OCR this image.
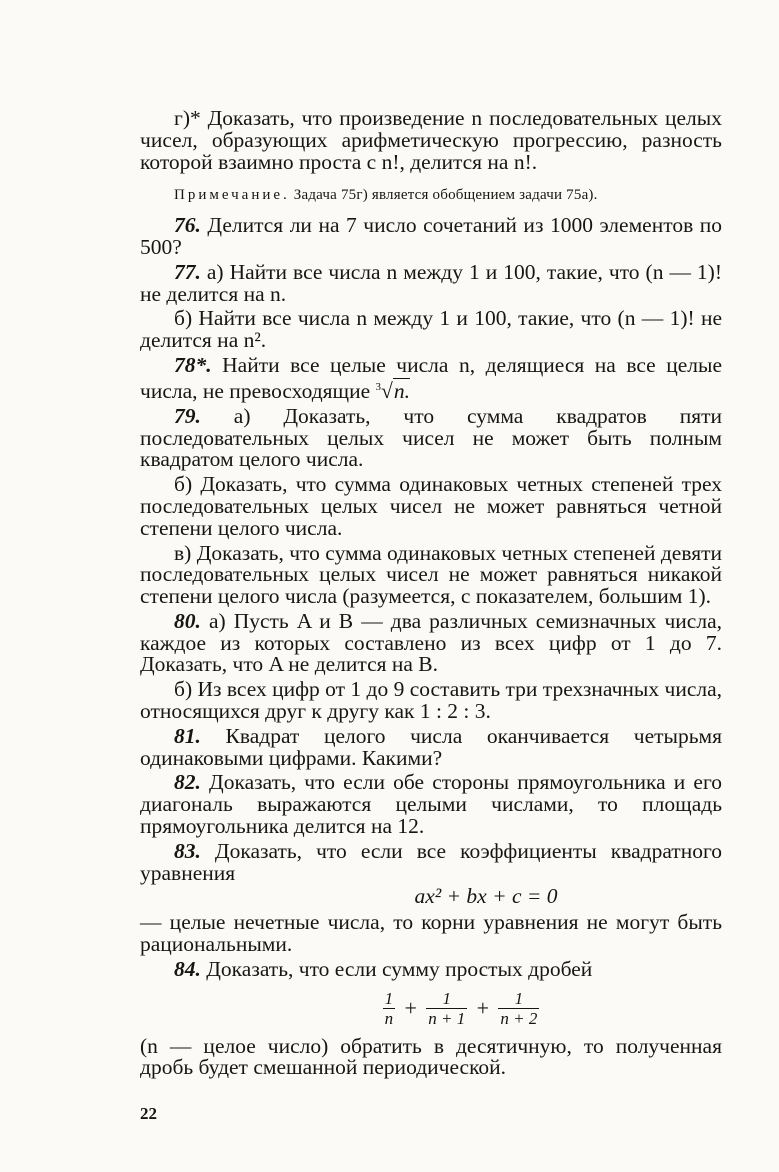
г)* Доказать, что произведение n последовательных целых чисел, образующих арифметическую прогрессию, разность которой взаимно проста с n!, делится на n!.

Примечание. Задача 75г) является обобщением задачи 75а).

76. Делится ли на 7 число сочетаний из 1000 элементов по 500?

77. а) Найти все числа n между 1 и 100, такие, что (n — 1)! не делится на n.

б) Найти все числа n между 1 и 100, такие, что (n — 1)! не делится на n².

78*. Найти все целые числа n, делящиеся на все целые числа, не превосходящие $^3$√n.

79. а) Доказать, что сумма квадратов пяти последовательных целых чисел не может быть полным квадратом целого числа.

б) Доказать, что сумма одинаковых четных степеней трех последовательных целых чисел не может равняться четной степени целого числа.

в) Доказать, что сумма одинаковых четных степеней девяти последовательных целых чисел не может равняться никакой степени целого числа (разумеется, с показателем, большим 1).

80. а) Пусть A и B — два различных семизначных числа, каждое из которых составлено из всех цифр от 1 до 7. Доказать, что A не делится на B.

б) Из всех цифр от 1 до 9 составить три трехзначных числа, относящихся друг к другу как 1 : 2 : 3.

81. Квадрат целого числа оканчивается четырьмя одинаковыми цифрами. Какими?

82. Доказать, что если обе стороны прямоугольника и его диагональ выражаются целыми числами, то площадь прямоугольника делится на 12.

83. Доказать, что если все коэффициенты квадратного уравнения

ax² + bx + c = 0

— целые нечетные числа, то корни уравнения не могут быть рациональными.

84. Доказать, что если сумму простых дробей

$\frac{1}{n} + \frac{1}{n + 1} + \frac{1}{n + 2}$

(n — целое число) обратить в десятичную, то полученная дробь будет смешанной периодической.

22
